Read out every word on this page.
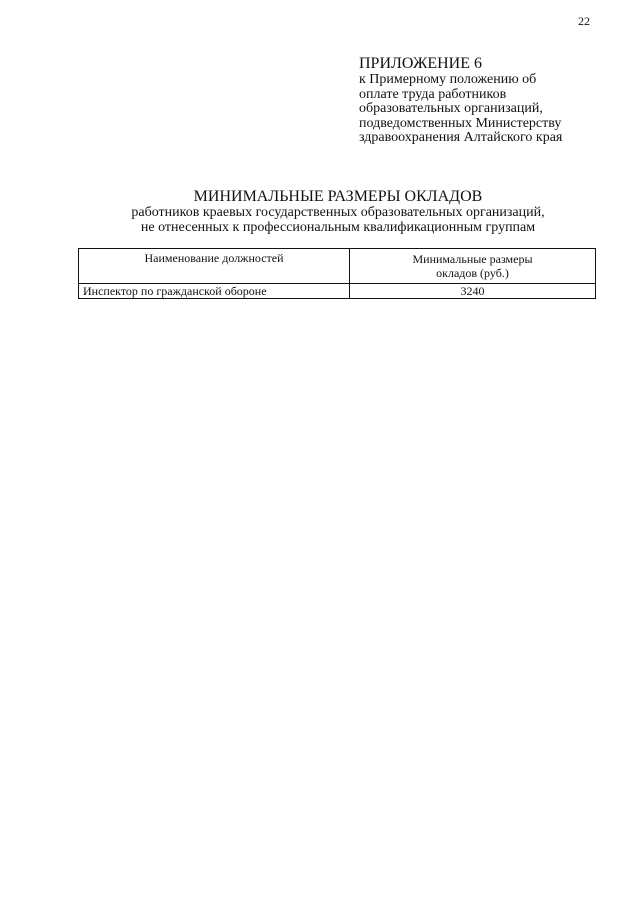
22

ПРИЛОЖЕНИЕ 6

к Примерному положению об

оплате труда работников

образовательных организаций,

подведомственных Министерству

здравоохранения Алтайского края

МИНИМАЛЬНЫЕ РАЗМЕРЫ ОКЛАДОВ

работников краевых государственных образовательных организаций,

не отнесенных к профессиональным квалификационным группам

Наименование должностей	Минимальные размеры
окладов (руб.)

Инспектор по гражданской обороне	3240
